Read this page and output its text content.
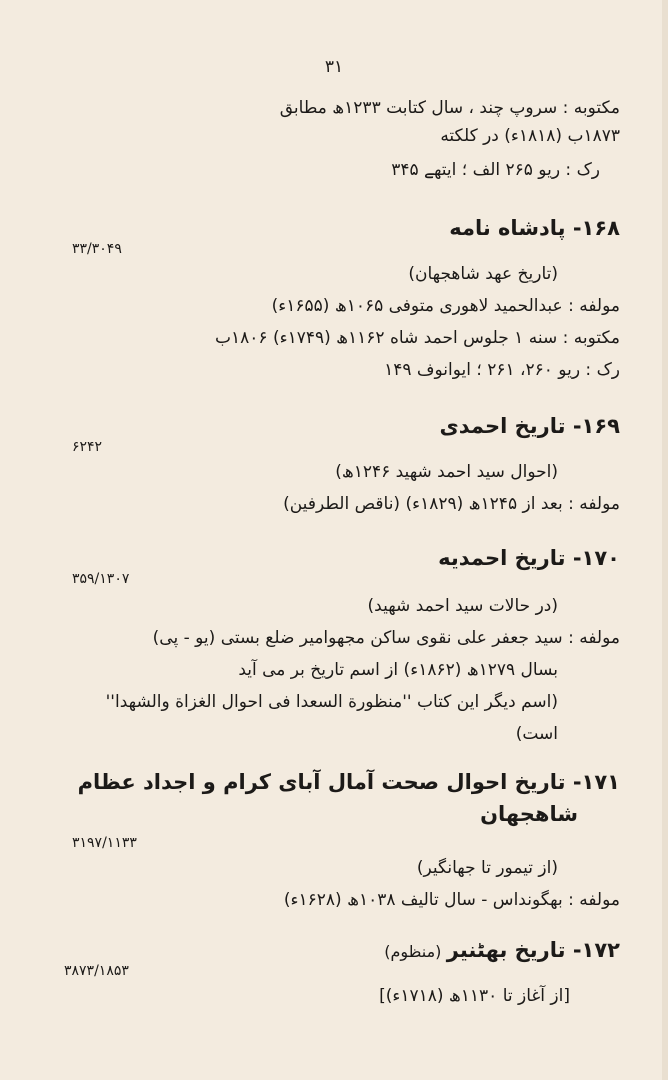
۳۱
مکتوبه : سروپ چند ، سال کتابت ۱۲۳۳ھ مطابق
۱۸۷۳ب (۱۸۱۸ء) در کلکته
رک : ریو ۲۶۵ الف ؛ ایتھے ۳۴۵
۱۶۸- پادشاه نامه
۳۳/۳۰۴۹
(تاریخ عهد شاهجهان)
مولفه : عبدالحمید لاهوری متوفی ۱۰۶۵ھ (۱۶۵۵ء)
مکتوبه : سنه ۱ جلوس احمد شاه ۱۱۶۲ھ (۱۷۴۹ء) ۱۸۰۶ب
رک : ریو ۲۶۰، ۲۶۱ ؛ ایوانوف ۱۴۹
۱۶۹- تاریخ احمدی
۶۲۴۲
(احوال سید احمد شهید ۱۲۴۶ھ)
مولفه : بعد از ۱۲۴۵ھ (۱۸۲۹ء) (ناقص الطرفین)
۱۷۰- تاریخ احمدیه
۳۵۹/۱۳۰۷
(در حالات سید احمد شهید)
مولفه : سید جعفر علی نقوی ساکن مجهوامیر ضلع بستی (یو - پی)
بسال ۱۲۷۹ھ (۱۸۶۲ء) از اسم تاریخ بر می آید
(اسم دیگر این کتاب ''منظورة السعدا فی احوال الغزاة والشهدا''
است)
۱۷۱- تاریخ احوال صحت آمال آبای کرام و اجداد عظام
شاهجهان
۳۱۹۷/۱۱۳۳
(از تیمور تا جهانگیر)
مولفه : بهگونداس - سال تالیف ۱۰۳۸ھ (۱۶۲۸ء)
۱۷۲- تاریخ بهٹنیر (منظوم)
۳۸۷۳/۱۸۵۳
[از آغاز تا ۱۱۳۰ھ (۱۷۱۸ء)]
